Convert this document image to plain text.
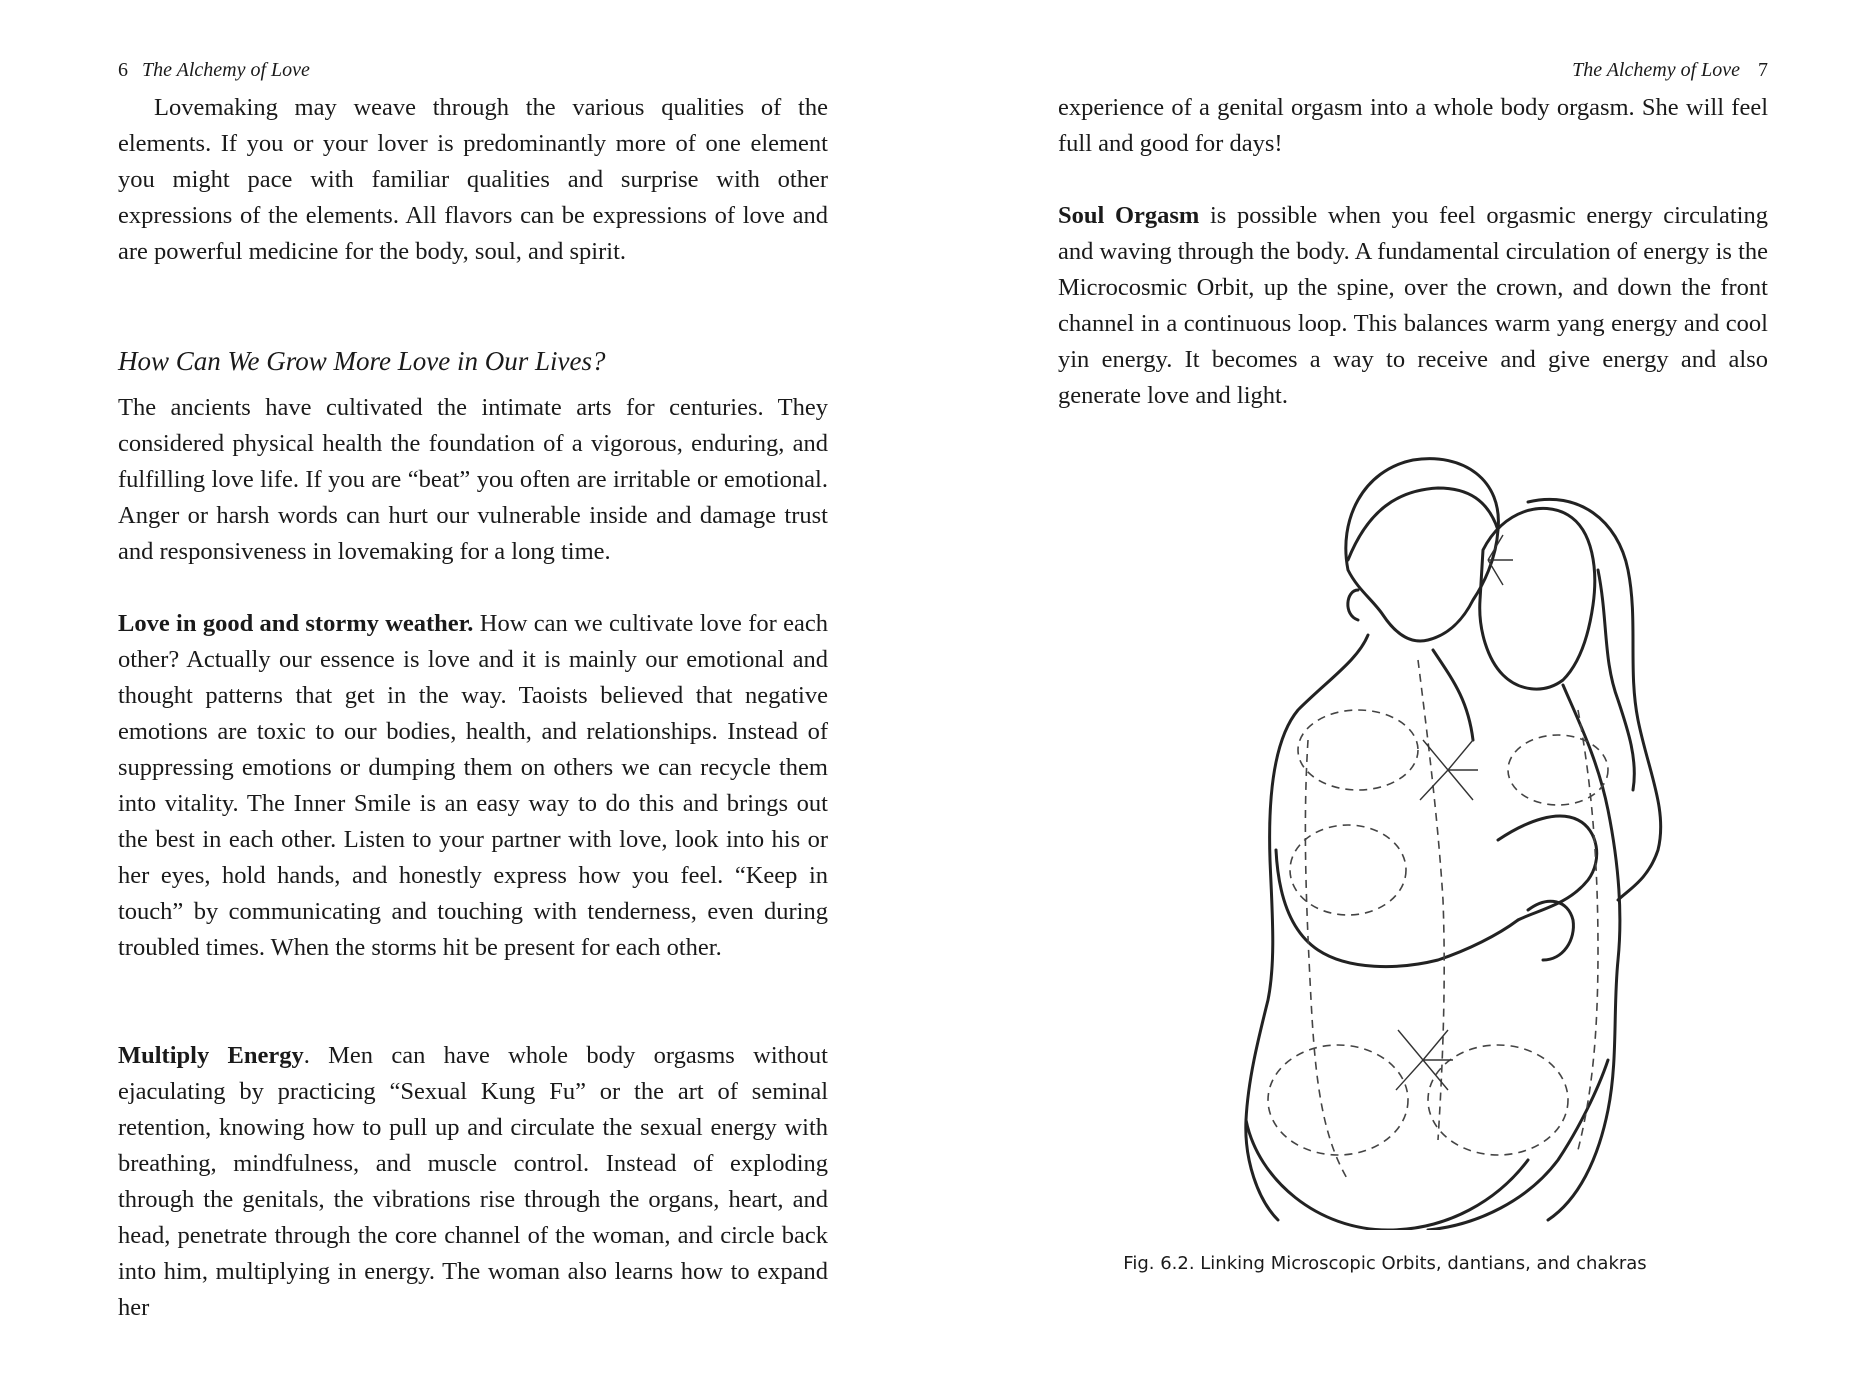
6 The Alchemy of Love

Lovemaking may weave through the various qualities of the elements. If you or your lover is predominantly more of one element you might pace with familiar qualities and surprise with other expressions of the elements. All flavors can be expressions of love and are powerful medicine for the body, soul, and spirit.

How Can We Grow More Love in Our Lives?

The ancients have cultivated the intimate arts for centuries. They considered physical health the foundation of a vigorous, enduring, and fulfilling love life. If you are “beat” you often are irritable or emotional. Anger or harsh words can hurt our vulnerable inside and damage trust and responsiveness in lovemaking for a long time.

Love in good and stormy weather. How can we cultivate love for each other? Actually our essence is love and it is mainly our emotional and thought patterns that get in the way. Taoists believed that negative emotions are toxic to our bodies, health, and relationships. Instead of suppressing emotions or dumping them on others we can recycle them into vitality. The Inner Smile is an easy way to do this and brings out the best in each other. Listen to your partner with love, look into his or her eyes, hold hands, and honestly express how you feel. “Keep in touch” by communicating and touching with tenderness, even during troubled times. When the storms hit be present for each other.

Multiply Energy. Men can have whole body orgasms without ejaculating by practicing “Sexual Kung Fu” or the art of seminal retention, knowing how to pull up and circulate the sexual energy with breathing, mindfulness, and muscle control. Instead of exploding through the genitals, the vibrations rise through the organs, heart, and head, penetrate through the core channel of the woman, and circle back into him, multiplying in energy. The woman also learns how to expand her

The Alchemy of Love 7

experience of a genital orgasm into a whole body orgasm. She will feel full and good for days!

Soul Orgasm is possible when you feel orgasmic energy circulating and waving through the body. A fundamental circulation of energy is the Microcosmic Orbit, up the spine, over the crown, and down the front channel in a continuous loop. This balances warm yang energy and cool yin energy. It becomes a way to receive and give energy and also generate love and light.

Fig. 6.2. Linking Microscopic Orbits, dantians, and chakras
